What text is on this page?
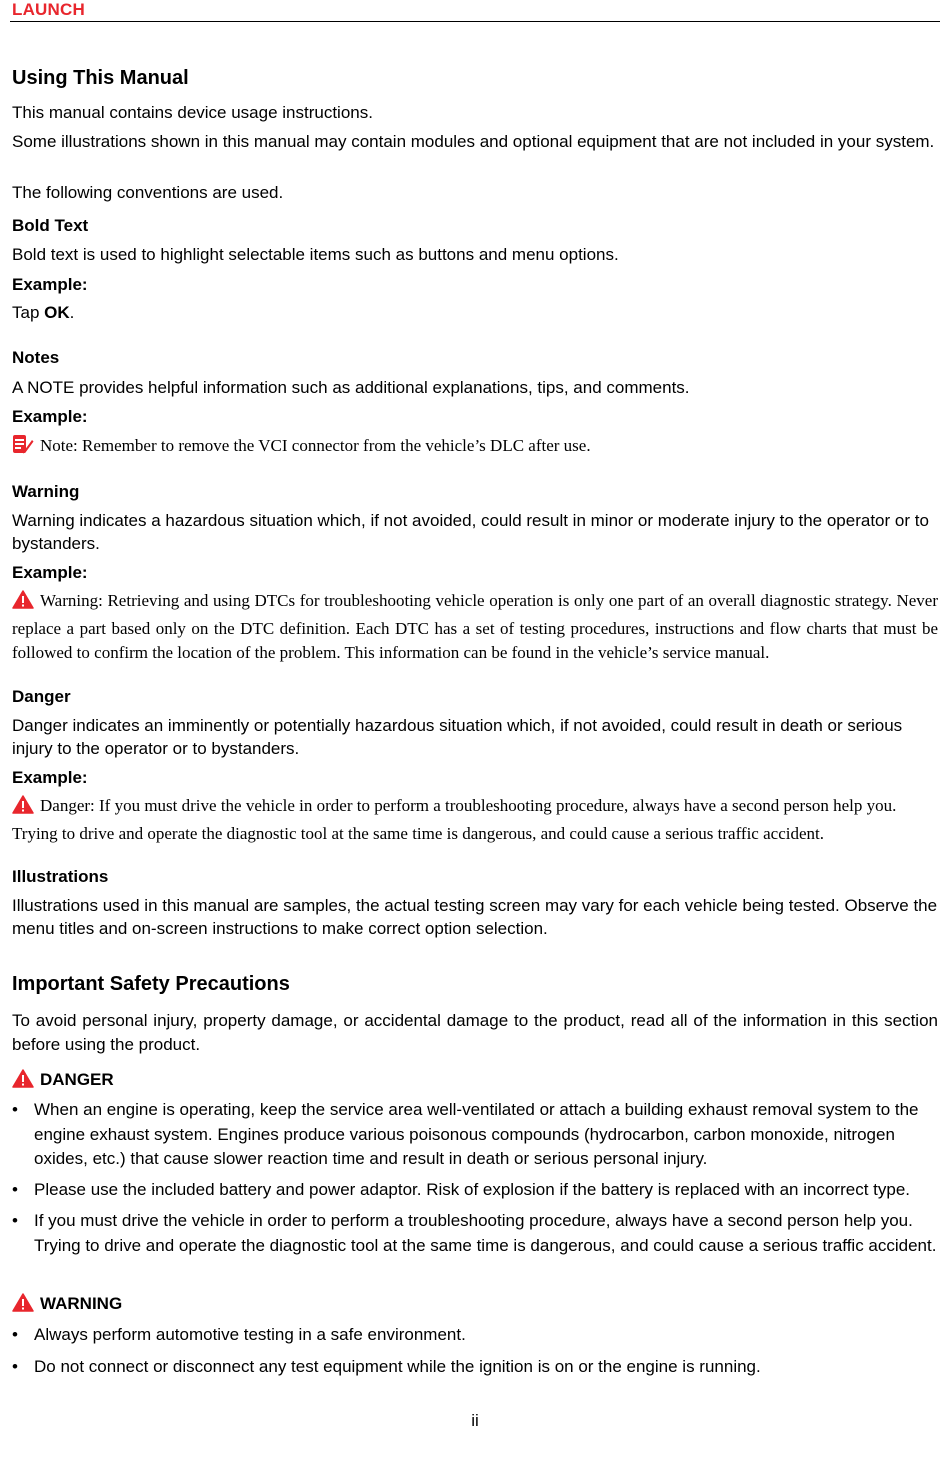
LAUNCH
Using This Manual
This manual contains device usage instructions.
Some illustrations shown in this manual may contain modules and optional equipment that are not included in your system.
The following conventions are used.
Bold Text
Bold text is used to highlight selectable items such as buttons and menu options.
Example:
Tap OK.
Notes
A NOTE provides helpful information such as additional explanations, tips, and comments.
Example:
Note: Remember to remove the VCI connector from the vehicle’s DLC after use.
Warning
Warning indicates a hazardous situation which, if not avoided, could result in minor or moderate injury to the operator or to bystanders.
Example:
Warning: Retrieving and using DTCs for troubleshooting vehicle operation is only one part of an overall diagnostic strategy. Never replace a part based only on the DTC definition. Each DTC has a set of testing procedures, instructions and flow charts that must be followed to confirm the location of the problem. This information can be found in the vehicle’s service manual.
Danger
Danger indicates an imminently or potentially hazardous situation which, if not avoided, could result in death or serious injury to the operator or to bystanders.
Example:
Danger: If you must drive the vehicle in order to perform a troubleshooting procedure, always have a second person help you. Trying to drive and operate the diagnostic tool at the same time is dangerous, and could cause a serious traffic accident.
Illustrations
Illustrations used in this manual are samples, the actual testing screen may vary for each vehicle being tested. Observe the menu titles and on-screen instructions to make correct option selection.
Important Safety Precautions
To avoid personal injury, property damage, or accidental damage to the product, read all of the information in this section before using the product.
DANGER
• When an engine is operating, keep the service area well-ventilated or attach a building exhaust removal system to the engine exhaust system. Engines produce various poisonous compounds (hydrocarbon, carbon monoxide, nitrogen oxides, etc.) that cause slower reaction time and result in death or serious personal injury.
• Please use the included battery and power adaptor. Risk of explosion if the battery is replaced with an incorrect type.
• If you must drive the vehicle in order to perform a troubleshooting procedure, always have a second person help you. Trying to drive and operate the diagnostic tool at the same time is dangerous, and could cause a serious traffic accident.
WARNING
• Always perform automotive testing in a safe environment.
• Do not connect or disconnect any test equipment while the ignition is on or the engine is running.
ii
